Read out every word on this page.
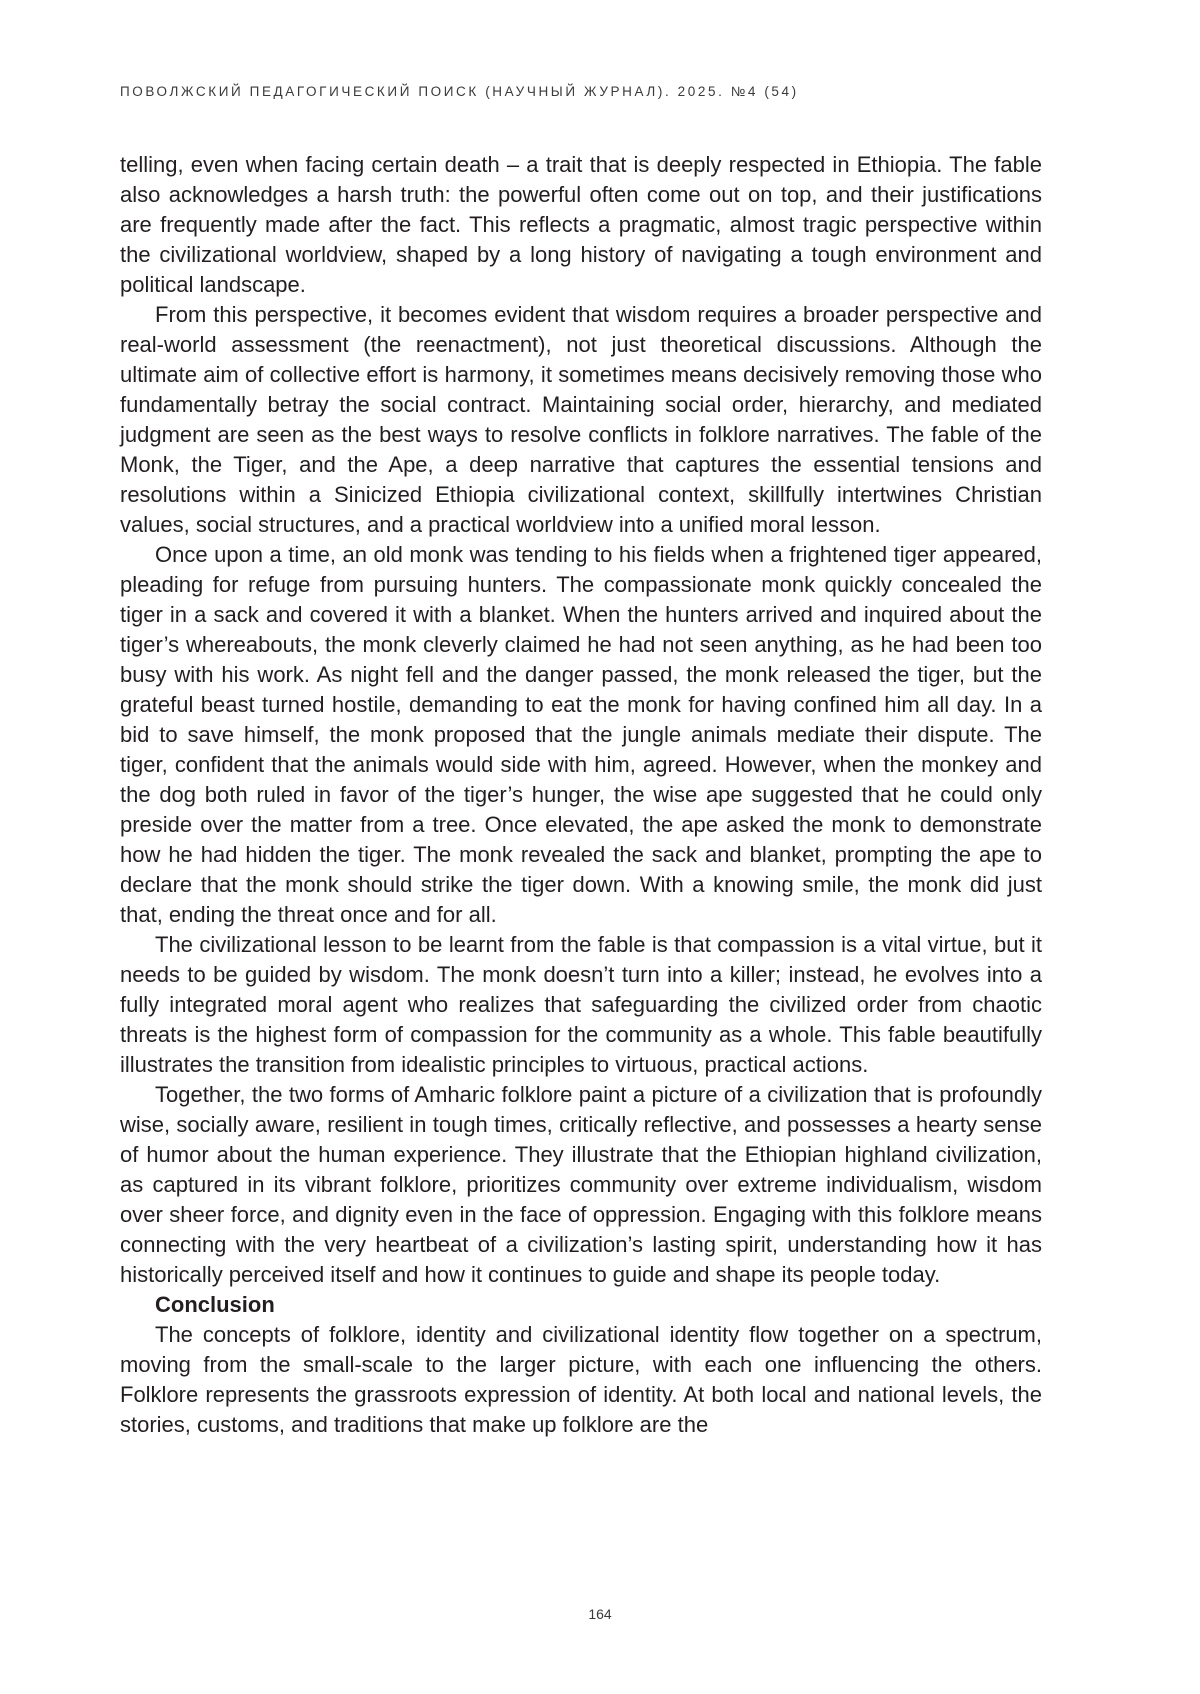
ПОВОЛЖСКИЙ ПЕДАГОГИЧЕСКИЙ ПОИСК (НАУЧНЫЙ ЖУРНАЛ). 2025. №4 (54)

telling, even when facing certain death – a trait that is deeply respected in Ethiopia. The fable also acknowledges a harsh truth: the powerful often come out on top, and their justifications are frequently made after the fact. This reflects a pragmatic, almost tragic perspective within the civilizational worldview, shaped by a long history of navigating a tough environment and political landscape.

From this perspective, it becomes evident that wisdom requires a broader perspective and real-world assessment (the reenactment), not just theoretical discussions. Although the ultimate aim of collective effort is harmony, it sometimes means decisively removing those who fundamentally betray the social contract. Maintaining social order, hierarchy, and mediated judgment are seen as the best ways to resolve conflicts in folklore narratives. The fable of the Monk, the Tiger, and the Ape, a deep narrative that captures the essential tensions and resolutions within a Sinicized Ethiopia civilizational context, skillfully intertwines Christian values, social structures, and a practical worldview into a unified moral lesson.

Once upon a time, an old monk was tending to his fields when a frightened tiger appeared, pleading for refuge from pursuing hunters. The compassionate monk quickly concealed the tiger in a sack and covered it with a blanket. When the hunters arrived and inquired about the tiger’s whereabouts, the monk cleverly claimed he had not seen anything, as he had been too busy with his work. As night fell and the danger passed, the monk released the tiger, but the grateful beast turned hostile, demanding to eat the monk for having confined him all day. In a bid to save himself, the monk proposed that the jungle animals mediate their dispute. The tiger, confident that the animals would side with him, agreed. However, when the monkey and the dog both ruled in favor of the tiger’s hunger, the wise ape suggested that he could only preside over the matter from a tree. Once elevated, the ape asked the monk to demonstrate how he had hidden the tiger. The monk revealed the sack and blanket, prompting the ape to declare that the monk should strike the tiger down. With a knowing smile, the monk did just that, ending the threat once and for all.

The civilizational lesson to be learnt from the fable is that compassion is a vital virtue, but it needs to be guided by wisdom. The monk doesn’t turn into a killer; instead, he evolves into a fully integrated moral agent who realizes that safeguarding the civilized order from chaotic threats is the highest form of compassion for the community as a whole. This fable beautifully illustrates the transition from idealistic principles to virtuous, practical actions.

Together, the two forms of Amharic folklore paint a picture of a civilization that is profoundly wise, socially aware, resilient in tough times, critically reflective, and possesses a hearty sense of humor about the human experience. They illustrate that the Ethiopian highland civilization, as captured in its vibrant folklore, prioritizes community over extreme individualism, wisdom over sheer force, and dignity even in the face of oppression. Engaging with this folklore means connecting with the very heartbeat of a civilization’s lasting spirit, understanding how it has historically perceived itself and how it continues to guide and shape its people today.

Conclusion

The concepts of folklore, identity and civilizational identity flow together on a spectrum, moving from the small-scale to the larger picture, with each one influencing the others. Folklore represents the grassroots expression of identity. At both local and national levels, the stories, customs, and traditions that make up folklore are the

164
